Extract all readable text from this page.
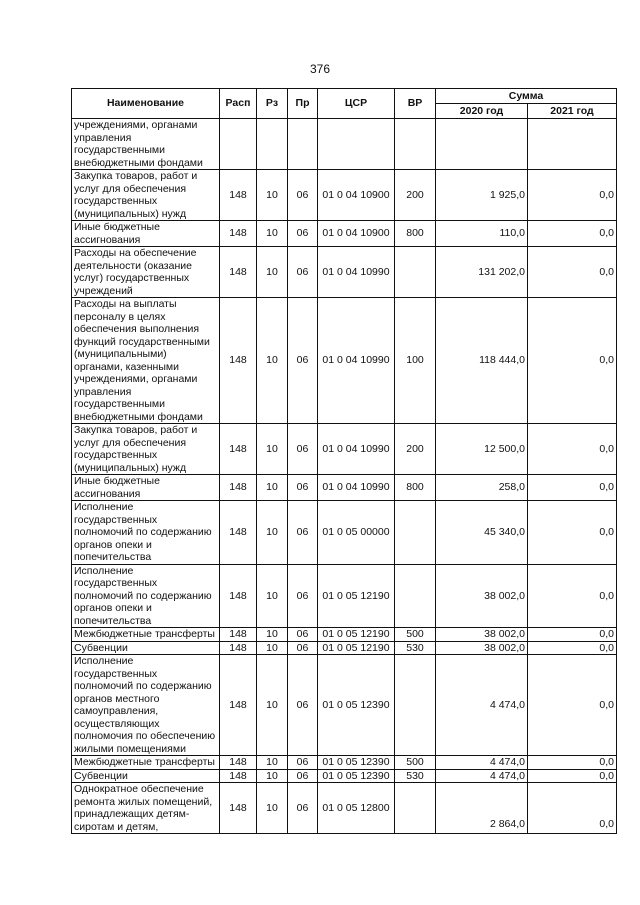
376
Наименование	Расп	Рз	Пр	ЦСР	ВР	Сумма	
						2020 год	2021 год
учреждениями, органами управления государственными внебюджетными фондами							
Закупка товаров, работ и услуг для обеспечения государственных (муниципальных) нужд	148	10	06	01 0 04 10900	200	1 925,0	0,0
Иные бюджетные ассигнования	148	10	06	01 0 04 10900	800	110,0	0,0
Расходы на обеспечение деятельности (оказание услуг) государственных учреждений	148	10	06	01 0 04 10990		131 202,0	0,0
Расходы на выплаты персоналу в целях обеспечения выполнения функций государственными (муниципальными) органами, казенными учреждениями, органами управления государственными внебюджетными фондами	148	10	06	01 0 04 10990	100	118 444,0	0,0
Закупка товаров, работ и услуг для обеспечения государственных (муниципальных) нужд	148	10	06	01 0 04 10990	200	12 500,0	0,0
Иные бюджетные ассигнования	148	10	06	01 0 04 10990	800	258,0	0,0
Исполнение государственных полномочий по содержанию органов опеки и попечительства	148	10	06	01 0 05 00000		45 340,0	0,0
Исполнение государственных полномочий по содержанию органов опеки и попечительства	148	10	06	01 0 05 12190		38 002,0	0,0
Межбюджетные трансферты	148	10	06	01 0 05 12190	500	38 002,0	0,0
Субвенции	148	10	06	01 0 05 12190	530	38 002,0	0,0
Исполнение государственных полномочий по содержанию органов местного самоуправления, осуществляющих полномочия по обеспечению жилыми помещениями	148	10	06	01 0 05 12390		4 474,0	0,0
Межбюджетные трансферты	148	10	06	01 0 05 12390	500	4 474,0	0,0
Субвенции	148	10	06	01 0 05 12390	530	4 474,0	0,0
Однократное обеспечение ремонта жилых помещений, принадлежащих детям-сиротам и детям,	148	10	06	01 0 05 12800		2 864,0	0,0
